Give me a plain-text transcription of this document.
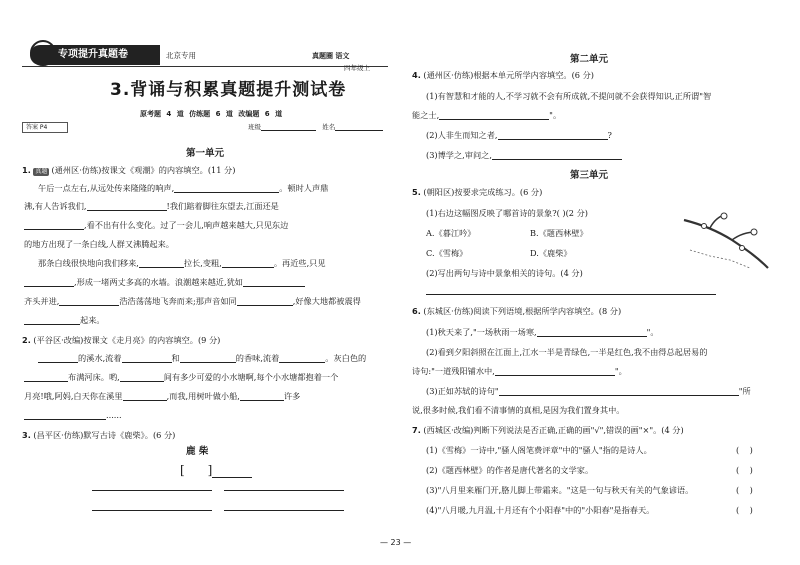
专项提升真题卷	北京专用	真题圈 语文
四年级上
3.背诵与积累真题提升测试卷
原考题 4 道 仿练题 6 道 改编题 6 道
答案 P4	班级	姓名
第一单元
1. 真题 (通州区·仿练)按课文《观潮》的内容填空。(11 分)
午后一点左右,从远处传来隆隆的响声,	。顿时人声鼎
沸,有人告诉我们,	!我们踮着脚往东望去,江面还是
,看不出有什么变化。过了一会儿,响声越来越大,只见东边
的地方出现了一条白线,人群又沸腾起来。
那条白线很快地向我们移来,	拉长,变粗,	。再近些,只见
,形成一堵两丈多高的水墙。浪潮越来越近,犹如
齐头并进,	浩浩荡荡地飞奔而来;那声音如同	,好像大地都被震得
起来。
2. (平谷区·改编)按课文《走月亮》的内容填空。(9 分)
的溪水,流着	和	的香味,流着	。灰白色的
布满河床。哟,	间有多少可爱的小水塘啊,每个小水塘都抱着一个
月亮!哦,阿妈,白天你在溪里	,而我,用树叶做小船,	许多
......
3. (昌平区·仿练)默写古诗《鹿柴》。(6 分)
鹿 柴
[      ]
第二单元
4. (通州区·仿练)根据本单元所学内容填空。(6 分)
(1)有智慧和才能的人,不学习就不会有所成就,不提问就不会获得知识,正所谓"智
能之士,	"。
(2)人非生而知之者,	?
(3)博学之,审问之,
第三单元
5. (朝阳区)按要求完成练习。(6 分)
(1)右边这幅图反映了哪首诗的景象?( )(2 分)
A.《暮江吟》	B.《题西林壁》
C.《雪梅》	D.《鹿柴》
(2)写出两句与诗中景象相关的诗句。(4 分)
6. (东城区·仿练)阅读下列语境,根据所学内容填空。(8 分)
(1)秋天来了,"一场秋雨一场寒,	"。
(2)看到夕阳斜照在江面上,江水一半是青绿色,一半是红色,我不由得总起居易的
诗句:"一道残阳铺水中,	"。
(3)正如苏轼的诗句"	"所
说,很多时候,我们看不清事情的真相,是因为我们置身其中。
7. (西城区·改编)判断下列说法是否正确,正确的画"√",错误的画"×"。(4 分)
(1)《雪梅》一诗中,"骚人阁笔费评章"中的"骚人"指的是诗人。	(    )
(2)《题西林壁》的作者是唐代著名的文学家。	(    )
(3)"八月里来雁门开,胳儿脚上带霜来。"这是一句与秋天有关的气象谚语。	(    )
(4)"八月暖,九月温,十月还有个小阳春"中的"小阳春"是指春天。	(    )
— 23 —
